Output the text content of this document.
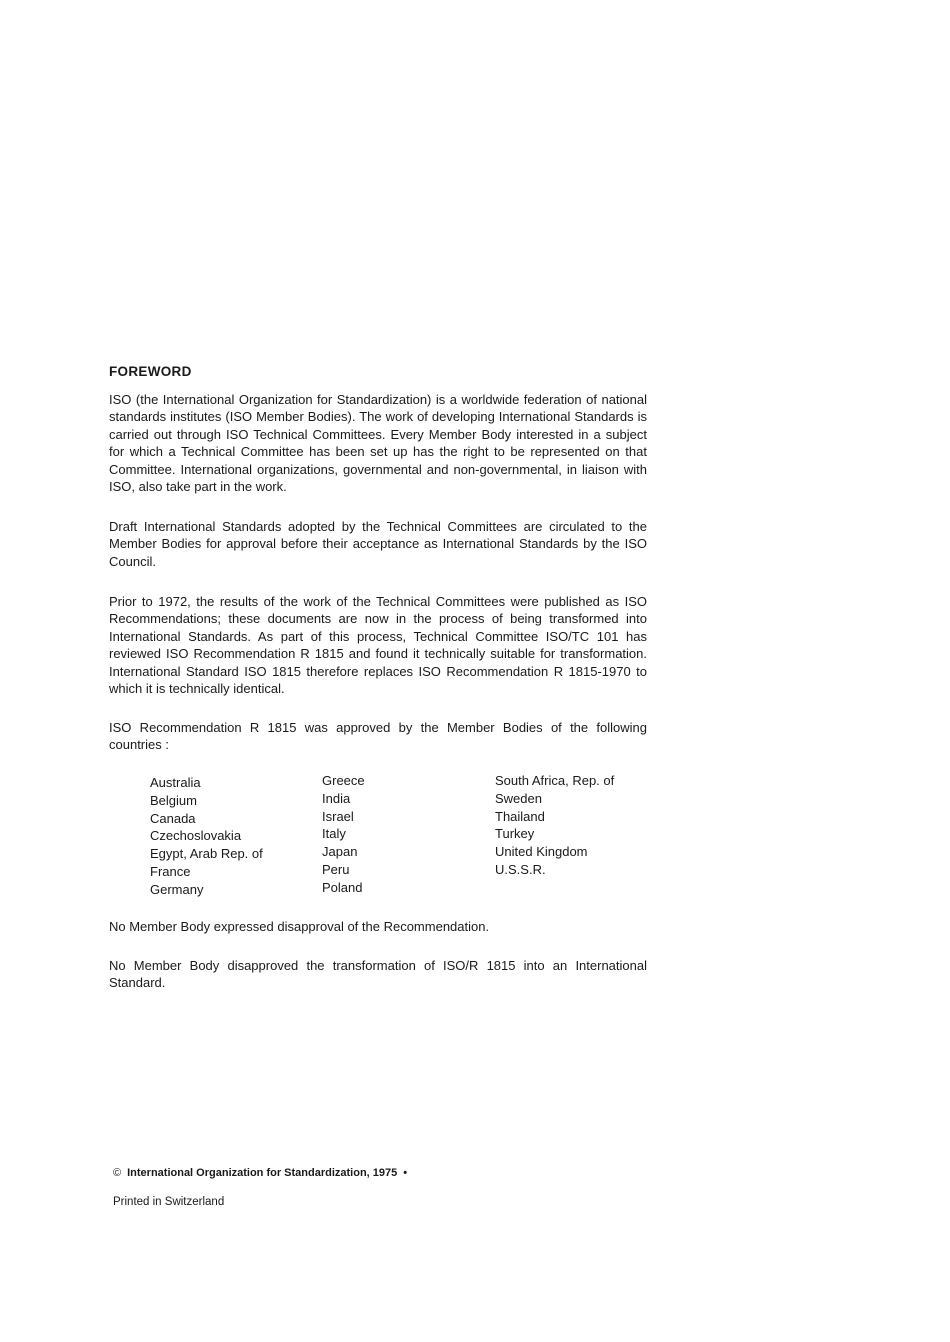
FOREWORD

ISO (the International Organization for Standardization) is a worldwide federation of national standards institutes (ISO Member Bodies). The work of developing International Standards is carried out through ISO Technical Committees. Every Member Body interested in a subject for which a Technical Committee has been set up has the right to be represented on that Committee. International organizations, governmental and non-governmental, in liaison with ISO, also take part in the work.

Draft International Standards adopted by the Technical Committees are circulated to the Member Bodies for approval before their acceptance as International Standards by the ISO Council.

Prior to 1972, the results of the work of the Technical Committees were published as ISO Recommendations; these documents are now in the process of being transformed into International Standards. As part of this process, Technical Committee ISO/TC 101 has reviewed ISO Recommendation R 1815 and found it technically suitable for transformation. International Standard ISO 1815 therefore replaces ISO Recommendation R 1815-1970 to which it is technically identical.

ISO Recommendation R 1815 was approved by the Member Bodies of the following countries :

Australia
Belgium
Canada
Czechoslovakia
Egypt, Arab Rep. of
France
Germany
Greece
India
Israel
Italy
Japan
Peru
Poland
South Africa, Rep. of
Sweden
Thailand
Turkey
United Kingdom
U.S.S.R.

No Member Body expressed disapproval of the Recommendation.

No Member Body disapproved the transformation of ISO/R 1815 into an International Standard.

© International Organization for Standardization, 1975 •
Printed in Switzerland
